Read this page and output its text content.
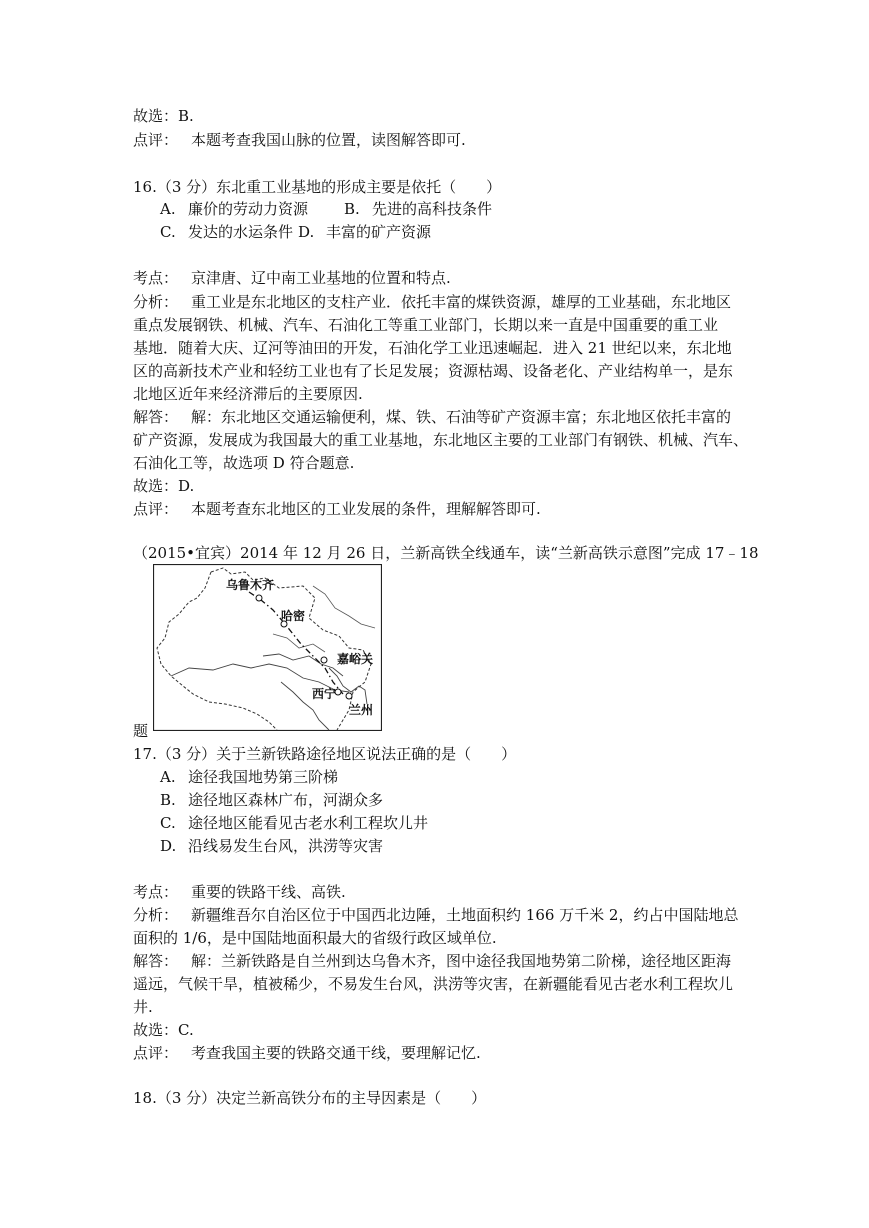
故选：B.
点评： 本题考查我国山脉的位置，读图解答即可.
16.（3 分）东北重工业基地的形成主要是依托（　　）
A. 廉价的劳动力资源 B. 先进的高科技条件
C. 发达的水运条件 D. 丰富的矿产资源
考点： 京津唐、辽中南工业基地的位置和特点.
分析： 重工业是东北地区的支柱产业．依托丰富的煤铁资源，雄厚的工业基础，东北地区
重点发展钢铁、机械、汽车、石油化工等重工业部门，长期以来一直是中国重要的重工业
基地．随着大庆、辽河等油田的开发，石油化学工业迅速崛起．进入 21 世纪以来，东北地
区的高新技术产业和轻纺工业也有了长足发展；资源枯竭、设备老化、产业结构单一，是东
北地区近年来经济滞后的主要原因.
解答： 解：东北地区交通运输便利，煤、铁、石油等矿产资源丰富；东北地区依托丰富的
矿产资源，发展成为我国最大的重工业基地，东北地区主要的工业部门有钢铁、机械、汽车、
石油化工等，故选项 D 符合题意.
故选：D.
点评： 本题考查东北地区的工业发展的条件，理解解答即可.
（2015•宜宾）2014 年 12 月 26 日，兰新高铁全线通车，读“兰新高铁示意图”完成 17﹣18
乌鲁木齐
哈密
嘉峪关
西宁
兰州
题
17.（3 分）关于兰新铁路途径地区说法正确的是（　　）
A. 途径我国地势第三阶梯
B. 途径地区森林广布，河湖众多
C. 途径地区能看见古老水利工程坎儿井
D. 沿线易发生台风，洪涝等灾害
考点： 重要的铁路干线、高铁.
分析： 新疆维吾尔自治区位于中国西北边陲，土地面积约 166 万千米 2，约占中国陆地总
面积的 1/6，是中国陆地面积最大的省级行政区域单位.
解答： 解：兰新铁路是自兰州到达乌鲁木齐，图中途径我国地势第二阶梯，途径地区距海
遥远，气候干旱，植被稀少，不易发生台风，洪涝等灾害，在新疆能看见古老水利工程坎儿
井.
故选：C.
点评： 考查我国主要的铁路交通干线，要理解记忆.
18.（3 分）决定兰新高铁分布的主导因素是（　　）
